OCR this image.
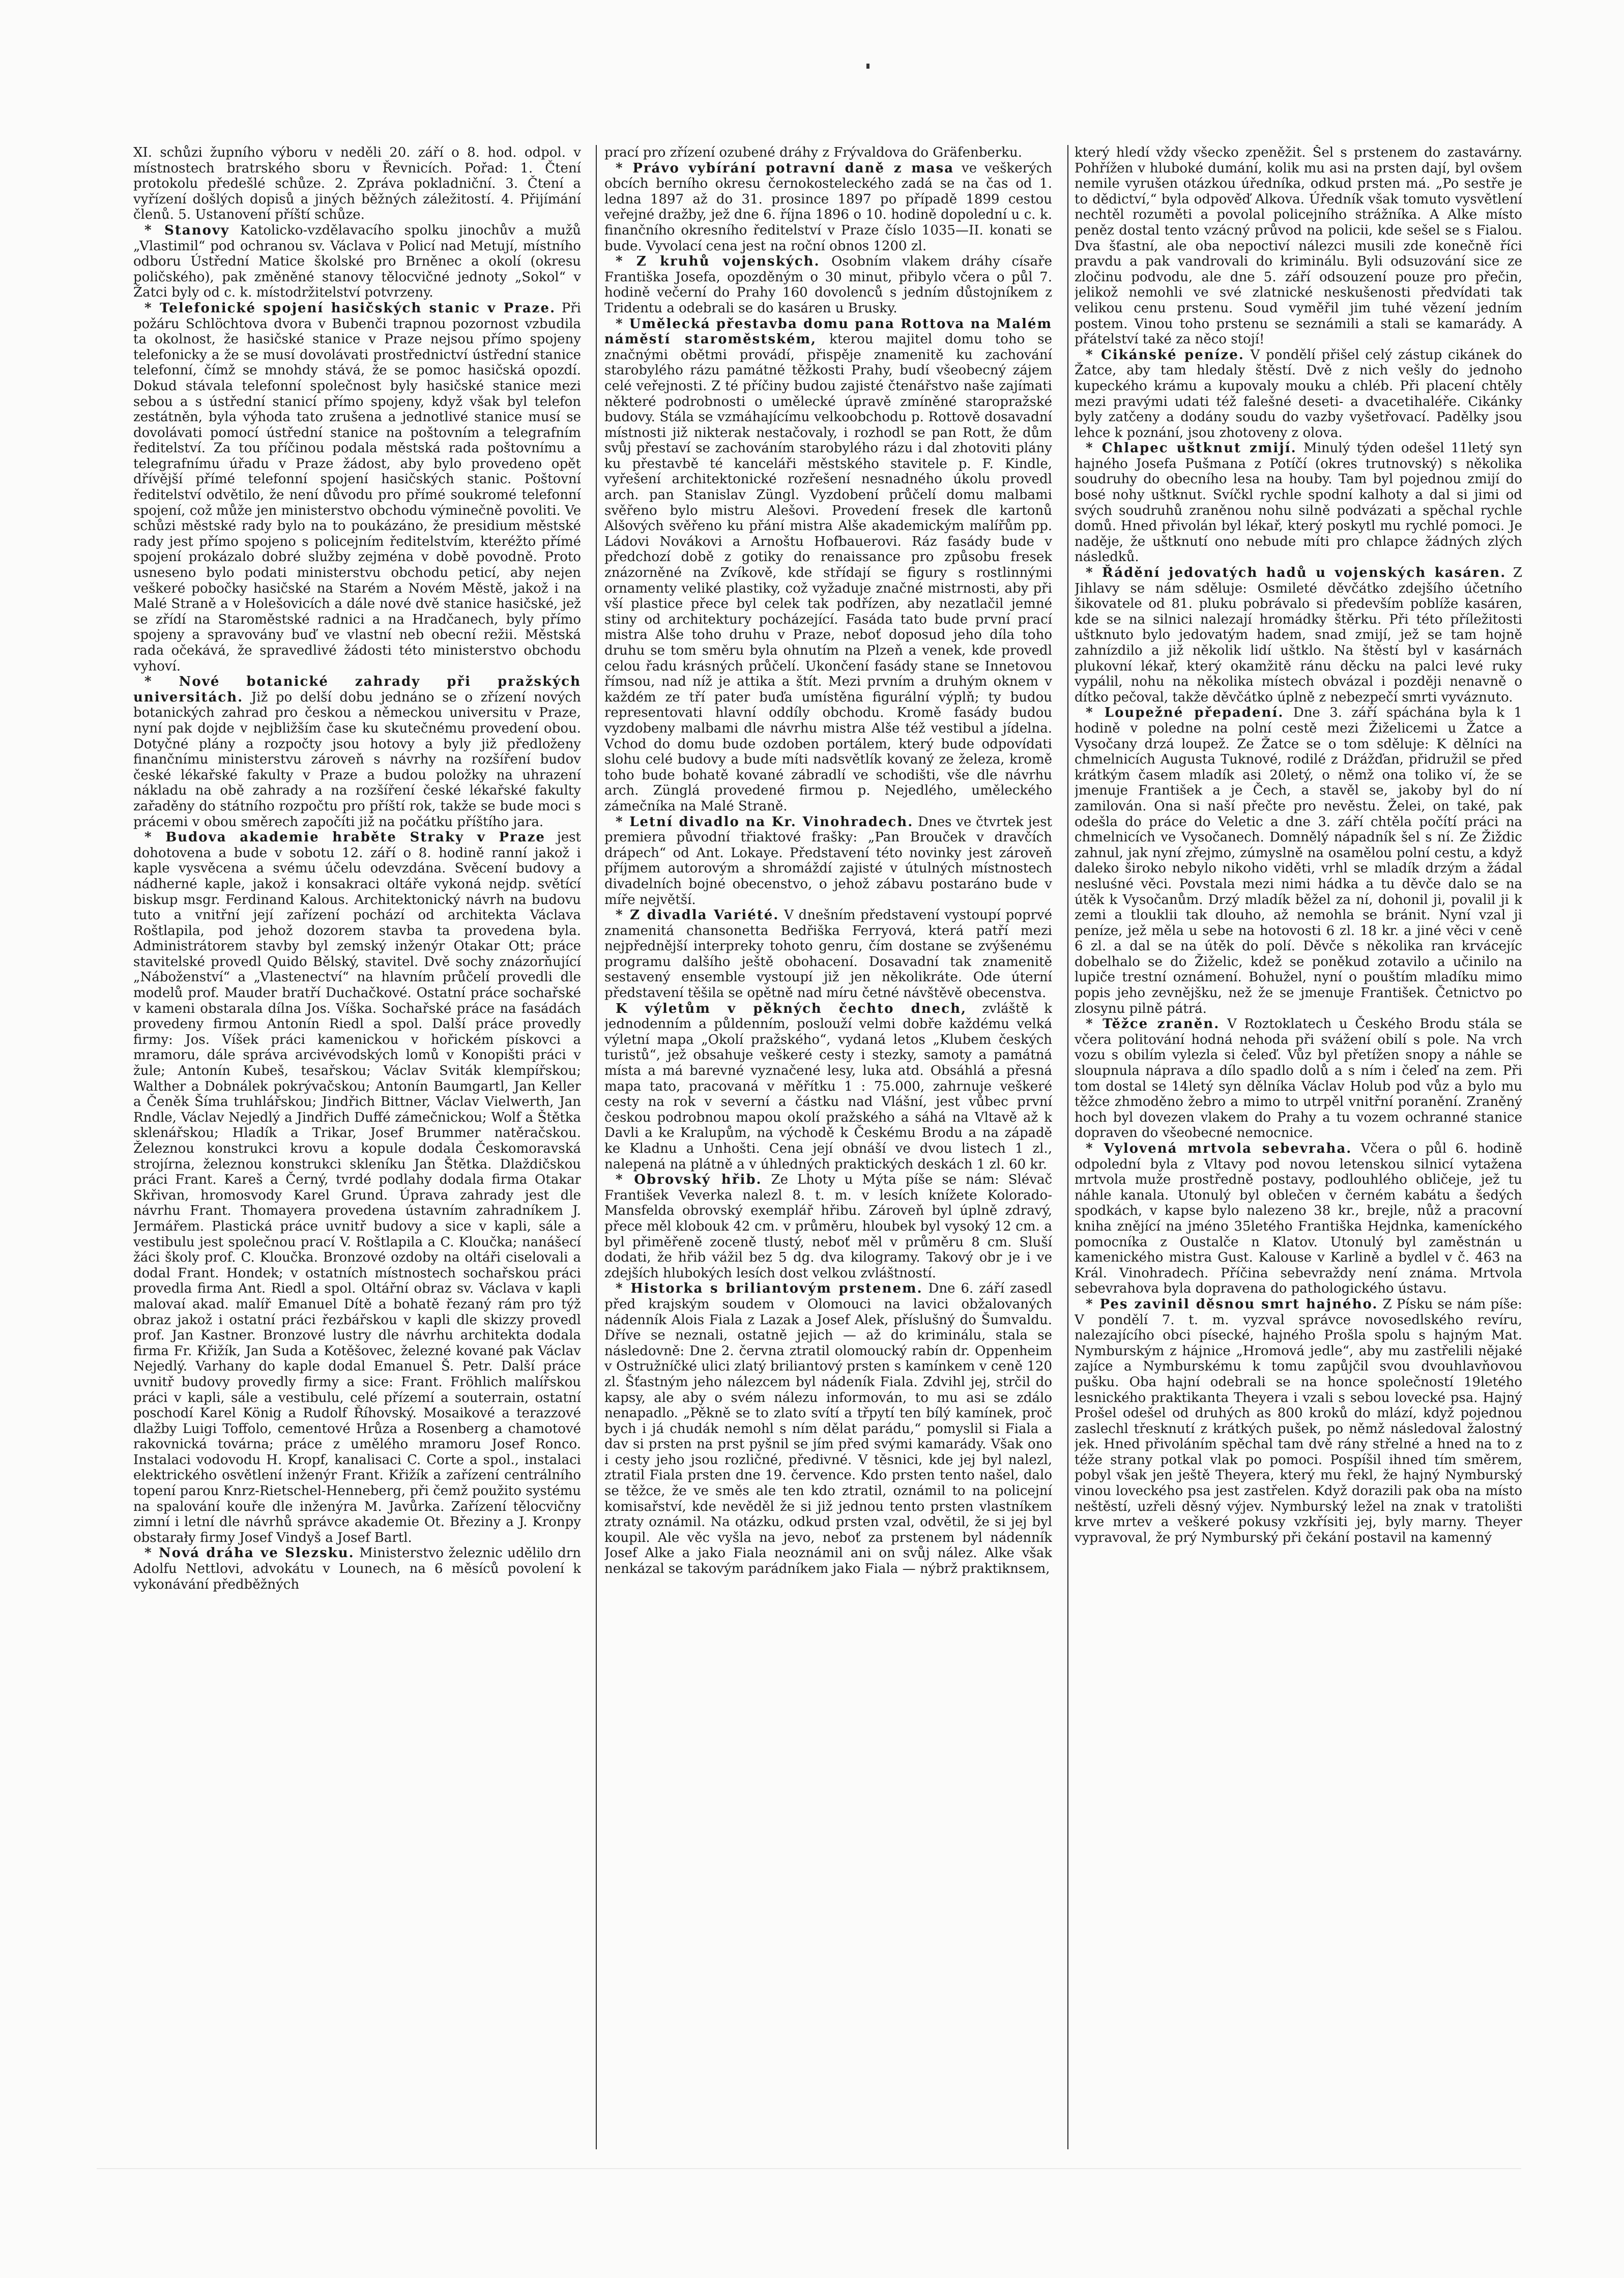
XI. schůzi župního výboru v neděli 20. září o 8. hod. odpol. v místnostech bratrského sboru v Řevnicích. Pořad: 1. Čtení protokolu předešlé schůze. 2. Zpráva pokladniční. 3. Čtení a vyřízení došlých dopisů a jiných běžných záležitostí. 4. Přijímání členů. 5. Ustanovení příští schůze.

* Stanovy Katolicko-vzdělavacího spolku jinochův a mužů „Vlastimil“ pod ochranou sv. Václava v Policí nad Metují, místního odboru Ústřední Matice školské pro Brněnec a okolí (okresu poličského), pak změněné stanovy tělocvičné jednoty „Sokol“ v Žatci byly od c. k. místodržitelství potvrzeny.

* Telefonické spojení hasičských stanic v Praze. Při požáru Schlöchtova dvora v Bubenči trapnou pozornost vzbudila ta okolnost, že hasičské stanice v Praze nejsou přímo spojeny telefonicky a že se musí dovolávati prostřednictví ústřední stanice telefonní, čímž se mnohdy stává, že se pomoc hasičská opozdí. Dokud stávala telefonní společnost byly hasičské stanice mezi sebou a s ústřední stanicí přímo spojeny, když však byl telefon zestátněn, byla výhoda tato zrušena a jednotlivé stanice musí se dovolávati pomocí ústřední stanice na poštovním a telegrafním ředitelství. Za tou příčinou podala městská rada poštovnímu a telegrafnímu úřadu v Praze žádost, aby bylo provedeno opět dřívější přímé telefonní spojení hasičských stanic. Poštovní ředitelství odvětilo, že není důvodu pro přímé soukromé telefonní spojení, což může jen ministerstvo obchodu výminečně povoliti. Ve schůzi městské rady bylo na to poukázáno, že presidium městské rady jest přímo spojeno s policejním ředitelstvím, kteréžto přímé spojení prokázalo dobré služby zejména v době povodně. Proto usneseno bylo podati ministerstvu obchodu peticí, aby nejen veškeré pobočky hasičské na Starém a Novém Městě, jakož i na Malé Straně a v Holešovicích a dále nové dvě stanice hasičské, jež se zřídí na Staroměstské radnici a na Hradčanech, byly přímo spojeny a spravovány buď ve vlastní neb obecní režii. Městská rada očekává, že spravedlivé žádosti této ministerstvo obchodu vyhoví.

* Nové botanické zahrady při pražských universitách. Již po delší dobu jednáno se o zřízení nových botanických zahrad pro českou a německou universitu v Praze, nyní pak dojde v nejbližším čase ku skutečnému provedení obou. Dotyčné plány a rozpočty jsou hotovy a byly již předloženy finančnímu ministerstvu zároveň s návrhy na rozšíření budov české lékařské fakulty v Praze a budou položky na uhrazení nákladu na obě zahrady a na rozšíření české lékařské fakulty zařaděny do státního rozpočtu pro příští rok, takže se bude moci s prácemi v obou směrech započíti již na počátku příštího jara.

* Budova akademie hraběte Straky v Praze jest dohotovena a bude v sobotu 12. září o 8. hodině ranní jakož i kaple vysvěcena a svému účelu odevzdána. Svěcení budovy a nádherné kaple, jakož i konsakraci oltáře vykoná nejdp. světící biskup msgr. Ferdinand Kalous. Architektonický návrh na budovu tuto a vnitřní její zařízení pochází od architekta Václava Roštlapila, pod jehož dozorem stavba ta provedena byla. Administrátorem stavby byl zemský inženýr Otakar Ott; práce stavitelské provedl Quido Bělský, stavitel. Dvě sochy znázorňující „Náboženství“ a „Vlastenectví“ na hlavním průčelí provedli dle modelů prof. Mauder bratří Duchačkové. Ostatní práce sochařské v kameni obstarala dílna Jos. Víška. Sochařské práce na fasádách provedeny firmou Antonín Riedl a spol. Další práce provedly firmy: Jos. Víšek práci kamenickou v hořickém pískovci a mramoru, dále správa arcivévodských lomů v Konopišti práci v žule; Antonín Kubeš, tesařskou; Václav Sviták klempířskou; Walther a Dobnálek pokrývačskou; Antonín Baumgartl, Jan Keller a Čeněk Šíma truhlářskou; Jindřich Bittner, Václav Vielwerth, Jan Rndle, Václav Nejedlý a Jindřich Duffé zámečnickou; Wolf a Štětka sklenářskou; Hladík a Trikar, Josef Brummer natěračskou. Železnou konstrukci krovu a kopule dodala Českomoravská strojírna, železnou konstrukci skleníku Jan Štětka. Dlaždičskou práci Frant. Kareš a Černý, tvrdé podlahy dodala firma Otakar Skřivan, hromosvody Karel Grund. Úprava zahrady jest dle návrhu Frant. Thomayera provedena ústavním zahradníkem J. Jermářem. Plastická práce uvnitř budovy a sice v kapli, sále a vestibulu jest společnou prací V. Roštlapila a C. Kloučka; nanášecí žáci školy prof. C. Kloučka. Bronzové ozdoby na oltáři ciselovali a dodal Frant. Hondek; v ostatních místnostech sochařskou práci provedla firma Ant. Riedl a spol. Oltářní obraz sv. Václava v kapli malovaí akad. malíř Emanuel Dítě a bohatě řezaný rám pro týž obraz jakož i ostatní práci řezbářskou v kapli dle skizzy provedl prof. Jan Kastner. Bronzové lustry dle návrhu architekta dodala firma Fr. Křižík, Jan Suda a Kotěšovec, železné kované pak Václav Nejedlý. Varhany do kaple dodal Emanuel Š. Petr. Další práce uvnitř budovy provedly firmy a sice: Frant. Fröhlich malířskou práci v kapli, sále a vestibulu, celé přízemí a souterrain, ostatní poschodí Karel König a Rudolf Říhovský. Mosaikové a terazzové dlažby Luigi Toffolo, cementové Hrůza a Rosenberg a chamotové rakovnická továrna; práce z umělého mramoru Josef Ronco. Instalaci vodovodu H. Kropf, kanalisaci C. Corte a spol., instalaci elektrického osvětlení inženýr Frant. Křižík a zařízení centrálního topení parou Knrz-Rietschel-Henneberg, při čemž použito systému na spalování kouře dle inženýra M. Javůrka. Zařízení tělocvičny zimní i letní dle návrhů správce akademie Ot. Březiny a J. Kronpy obstarały firmy Josef Vindyš a Josef Bartl.

* Nová dráha ve Slezsku. Ministerstvo železnic udělilo drn Adolfu Nettlovi, advokátu v Lounech, na 6 měsíců povolení k vykonávání předběžných

prací pro zřízení ozubené dráhy z Frývaldova do Gräfenberku.

* Právo vybírání potravní daně z masa ve veškerých obcích berního okresu černokosteleckého zadá se na čas od 1. ledna 1897 až do 31. prosince 1897 po případě 1899 cestou veřejné dražby, jež dne 6. října 1896 o 10. hodině dopolední u c. k. finančního okresního ředitelství v Praze číslo 1035—II. konati se bude. Vyvolací cena jest na roční obnos 1200 zl.

* Z kruhů vojenských. Osobním vlakem dráhy císaře Františka Josefa, opozděným o 30 minut, přibylo včera o půl 7. hodině večerní do Prahy 160 dovolenců s jedním důstojníkem z Tridentu a odebrali se do kasáren u Brusky.

* Umělecká přestavba domu pana Rottova na Malém náměstí staroměstském, kterou majitel domu toho se značnými obětmi provádí, přispěje znamenitě ku zachování starobylého rázu památné těžkosti Prahy, budí všeobecný zájem celé veřejnosti. Z té příčiny budou zajisté čtenářstvo naše zajímati některé podrobnosti o umělecké úpravě zmíněné staropražské budovy. Stála se vzmáhajícímu velkoobchodu p. Rottově dosavadní místnosti již nikterak nestačovaly, i rozhodl se pan Rott, že dům svůj přestaví se zachováním starobylého rázu i dal zhotoviti plány ku přestavbě té kanceláři městského stavitele p. F. Kindle, vyřešení architektonické rozřešení nesnadného úkolu provedl arch. pan Stanislav Züngl. Vyzdobení průčelí domu malbami svěřeno bylo mistru Alešovi. Provedení fresek dle kartonů Alšových svěřeno ku přání mistra Alše akademickým malířům pp. Ládovi Novákovi a Arnoštu Hofbauerovi. Ráz fasády bude v předchozí době z gotiky do renaissance pro způsobu fresek znázorněné na Zvíkově, kde střídají se figury s rostlinnými ornamenty veliké plastiky, což vyžaduje značné mistrnosti, aby při vší plastice přece byl celek tak podřízen, aby nezatlačil jemné stiny od architektury pocházející. Fasáda tato bude první prací mistra Alše toho druhu v Praze, neboť doposud jeho díla toho druhu se tom směru byla ohnutím na Plzeň a venek, kde provedl celou řadu krásných průčelí. Ukončení fasády stane se Innetovou římsou, nad níž je attika a štít. Mezi prvním a druhým oknem v každém ze tří pater buďa umístěna figurální výplň; ty budou representovati hlavní oddíly obchodu. Kromě fasády budou vyzdobeny malbami dle návrhu mistra Alše též vestibul a jídelna. Vchod do domu bude ozdoben portálem, který bude odpovídati slohu celé budovy a bude míti nadsvětlík kovaný ze železa, kromě toho bude bohatě kované zábradlí ve schodišti, vše dle návrhu arch. Zünglá provedené firmou p. Nejedlého, uměleckého zámečníka na Malé Straně.

* Letní divadlo na Kr. Vinohradech. Dnes ve čtvrtek jest premiera původní třiaktové frašky: „Pan Brouček v dravčích drápech“ od Ant. Lokaye. Představení této novinky jest zároveň příjmem autorovým a shromáždí zajisté v útulných místnostech divadelních bojné obecenstvo, o jehož zábavu postaráno bude v míře největší.

* Z divadla Variété. V dnešním představení vystoupí poprvé znamenitá chansonetta Bedřiška Ferryová, která patří mezi nejpřednější interpreky tohoto genru, čím dostane se zvýšenému programu dalšího ještě obohacení. Dosavadní tak znamenitě sestavený ensemble vystoupí již jen několikráte. Ode úterní představení těšila se opětně nad míru četné návštěvě obecenstva.

K výletům v pěkných čechto dnech, zvláště k jednodenním a půldenním, poslouží velmi dobře každému velká výletní mapa „Okolí pražského“, vydaná letos „Klubem českých turistů“, jež obsahuje veškeré cesty i stezky, samoty a památná místa a má barevné vyznačené lesy, luka atd. Obsáhlá a přesná mapa tato, pracovaná v měřítku 1 : 75.000, zahrnuje veškeré cesty na rok v severní a částku nad Vlášní, jest vůbec první českou podrobnou mapou okolí pražského a sáhá na Vltavě až k Davli a ke Kralupům, na východě k Českému Brodu a na západě ke Kladnu a Unhošti. Cena její obnáší ve dvou listech 1 zl., nalepená na plátně a v úhledných praktických deskách 1 zl. 60 kr.

* Obrovský hřib. Ze Lhoty u Mýta píše se nám: Slévač František Veverka nalezl 8. t. m. v lesích knížete Kolorado-Mansfelda obrovský exemplář hřibu. Zároveň byl úplně zdravý, přece měl klobouk 42 cm. v průměru, hloubek byl vysoký 12 cm. a byl přiměřeně zoceně tlustý, neboť měl v průměru 8 cm. Sluší dodati, že hřib vážil bez 5 dg. dva kilogramy. Takový obr je i ve zdejších hlubokých lesích dost velkou zvláštností.

* Historka s briliantovým prstenem. Dne 6. září zasedl před krajským soudem v Olomouci na lavici obžalovaných nádenník Alois Fiala z Lazak a Josef Alek, příslušný do Šumvaldu. Dříve se neznali, ostatně jejich — až do kriminálu, stala se následovně: Dne 2. června ztratil olomoucký rabín dr. Oppenheim v Ostružníčké ulici zlatý briliantový prsten s kamínkem v ceně 120 zl. Šťastným jeho nálezcem byl nádeník Fiala. Zdvihl jej, strčil do kapsy, ale aby o svém nálezu informován, to mu asi se zdálo nenapadlo. „Pěkně se to zlato svítí a třpytí ten bílý kamínek, proč bych i já chudák nemohl s ním dělat parádu,“ pomyslil si Fiala a dav si prsten na prst pyšnil se jím před svými kamarády. Však ono i cesty jeho jsou rozličné, předivné. V těsnici, kde jej byl nalezl, ztratil Fiala prsten dne 19. července. Kdo prsten tento našel, dalo se těžce, že ve směs ale ten kdo ztratil, oznámil to na policejní komisařství, kde nevěděl že si již jednou tento prsten vlastníkem ztraty oznámil. Na otázku, odkud prsten vzal, odvětil, že si jej byl koupil. Ale věc vyšla na jevo, neboť za prstenem byl nádenník Josef Alke a jako Fiala neoznámil ani on svůj nález. Alke však nenkázal se takovým parádníkem jako Fiala — nýbrž praktiknsem,

který hledí vždy všecko zpeněžit. Šel s prstenem do zastavárny. Pohřížen v hluboké dumání, kolik mu asi na prsten dají, byl ovšem nemile vyrušen otázkou úředníka, odkud prsten má. „Po sestře je to dědictví,“ byla odpověď Alkova. Úředník však tomuto vysvětlení nechtěl rozuměti a povolal policejního strážníka. A Alke místo peněz dostal tento vzácný průvod na policii, kde sešel se s Fialou. Dva šťastní, ale oba nepoctiví nálezci musili zde konečně říci pravdu a pak vandrovali do kriminálu. Byli odsuzování sice ze zločinu podvodu, ale dne 5. září odsouzení pouze pro přečin, jelikož nemohli ve své zlatnické neskušenosti předvídati tak velikou cenu prstenu. Soud vyměřil jim tuhé vězení jedním postem. Vinou toho prstenu se seznámili a stali se kamarády. A přátelství také za něco stojí!

* Cikánské peníze. V pondělí přišel celý zástup cikánek do Žatce, aby tam hledaly štěstí. Dvě z nich vešly do jednoho kupeckého krámu a kupovaly mouku a chléb. Při placení chtěly mezi pravými udati též falešné deseti- a dvacetihaléře. Cikánky byly zatčeny a dodány soudu do vazby vyšetřovací. Padělky jsou lehce k poznání, jsou zhotoveny z olova.

* Chlapec uštknut zmijí. Minulý týden odešel 11letý syn hajného Josefa Pušmana z Potíčí (okres trutnovský) s několika soudruhy do obecního lesa na houby. Tam byl pojednou zmijí do bosé nohy uštknut. Svíčkl rychle spodní kalhoty a dal si jimi od svých soudruhů zraněnou nohu silně podvázati a spěchal rychle domů. Hned přivolán byl lékař, který poskytl mu rychlé pomoci. Je naděje, že uštknutí ono nebude míti pro chlapce žádných zlých následků.

* Řádění jedovatých hadů u vojenských kasáren. Z Jihlavy se nám sděluje: Osmileté děvčátko zdejšího účetního šikovatele od 81. pluku pobrávalo si především poblíže kasáren, kde se na silnici nalezají hromádky štěrku. Při této příležitosti uštknuto bylo jedovatým hadem, snad zmijí, jež se tam hojně zahnízdilo a již několik lidí uštklo. Na štěstí byl v kasárnách plukovní lékař, který okamžitě ránu děcku na palci levé ruky vypálil, nohu na několika místech obvázal i později nenavně o dítko pečoval, takže děvčátko úplně z nebezpečí smrti vyváznuto.

* Loupežné přepadení. Dne 3. září spáchána byla k 1 hodině v poledne na polní cestě mezi Žiželicemi u Žatce a Vysočany drzá loupež. Ze Žatce se o tom sděluje: K dělníci na chmelnicích Augusta Tuknové, rodilé z Drážďan, přidružil se před krátkým časem mladík asi 20letý, o němž ona toliko ví, že se jmenuje František a je Čech, a stavěl se, jakoby byl do ní zamilován. Ona si naší přečte pro nevěstu. Želei, on také, pak odešla do práce do Veletic a dne 3. září chtěla počítí práci na chmelnicích ve Vysočanech. Domnělý nápadník šel s ní. Ze Žiždic zahnul, jak nyní zřejmo, zúmyslně na osamělou polní cestu, a když daleko široko nebylo nikoho viděti, vrhl se mladík drzým a žádal nesluśné věci. Povstala mezi nimi hádka a tu děvče dalo se na útěk k Vysočanům. Drzý mladík běžel za ní, dohonil ji, povalil ji k zemi a tlouklii tak dlouho, až nemohla se bránit. Nyní vzal ji peníze, jež měla u sebe na hotovosti 6 zl. 18 kr. a jiné věci v ceně 6 zl. a dal se na útěk do polí. Děvče s několika ran krvácejíc dobelhalo se do Žiželic, kdež se poněkud zotavilo a učinilo na lupiče trestní oznámení. Bohužel, nyní o pouštím mladíku mimo popis jeho zevnějšku, než že se jmenuje František. Četnictvo po zlosynu pilně pátrá.

* Těžce zraněn. V Roztoklatech u Českého Brodu stála se včera politování hodná nehoda při svážení obilí s pole. Na vrch vozu s obilím vylezla si čeleď. Vůz byl přetížen snopy a náhle se sloupnula náprava a dílo spadlo dolů a s ním i čeleď na zem. Při tom dostal se 14letý syn dělníka Václav Holub pod vůz a bylo mu těžce zhmoděno žebro a mimo to utrpěl vnitřní poranění. Zraněný hoch byl dovezen vlakem do Prahy a tu vozem ochranné stanice dopraven do všeobecné nemocnice.

* Vylovená mrtvola sebevraha. Včera o půl 6. hodině odpolední byla z Vltavy pod novou letenskou silnicí vytažena mrtvola muže prostředně postavy, podlouhlého obličeje, jež tu náhle kanala. Utonulý byl oblečen v černém kabátu a šedých spodkách, v kapse bylo nalezeno 38 kr., brejle, nůž a pracovní kniha znějící na jméno 35letého Františka Hejdnka, kameníckého pomocníka z Oustalče n Klatov. Utonulý byl zaměstnán u kamenického mistra Gust. Kalouse v Karlině a bydlel v č. 463 na Král. Vinohradech. Příčina sebevraždy není známa. Mrtvola sebevrahova byla dopravena do pathologického ústavu.

* Pes zavinil děsnou smrt hajného. Z Písku se nám píše: V pondělí 7. t. m. vyzval správce novosedlského revíru, nalezajícího obci písecké, hajného Prošla spolu s hajným Mat. Nymburským z hájnice „Hromová jedle“, aby mu zastřelili nějaké zajíce a Nymburskému k tomu zapůjčil svou dvouhlavňovou pušku. Oba hajní odebrali se na honce společností 19letého lesnického praktikanta Theyera i vzali s sebou lovecké psa. Hajný Prošel odešel od druhých as 800 kroků do mlází, když pojednou zaslechl třesknutí z krátkých pušek, po němž následoval žalostný jek. Hned přivoláním spěchal tam dvě rány střelné a hned na to z téže strany potkal vlak po pomoci. Pospíšil ihned tím směrem, pobyl však jen ještě Theyera, který mu řekl, že hajný Nymburský vinou loveckého psa jest zastřelen. Když dorazili pak oba na místo neštěstí, uzřeli děsný výjev. Nymburský ležel na znak v tratolišti krve mrtev a veškeré pokusy vzkřísiti jej, byly marny. Theyer vypravoval, že prý Nymburský při čekání postavil na kamenný
